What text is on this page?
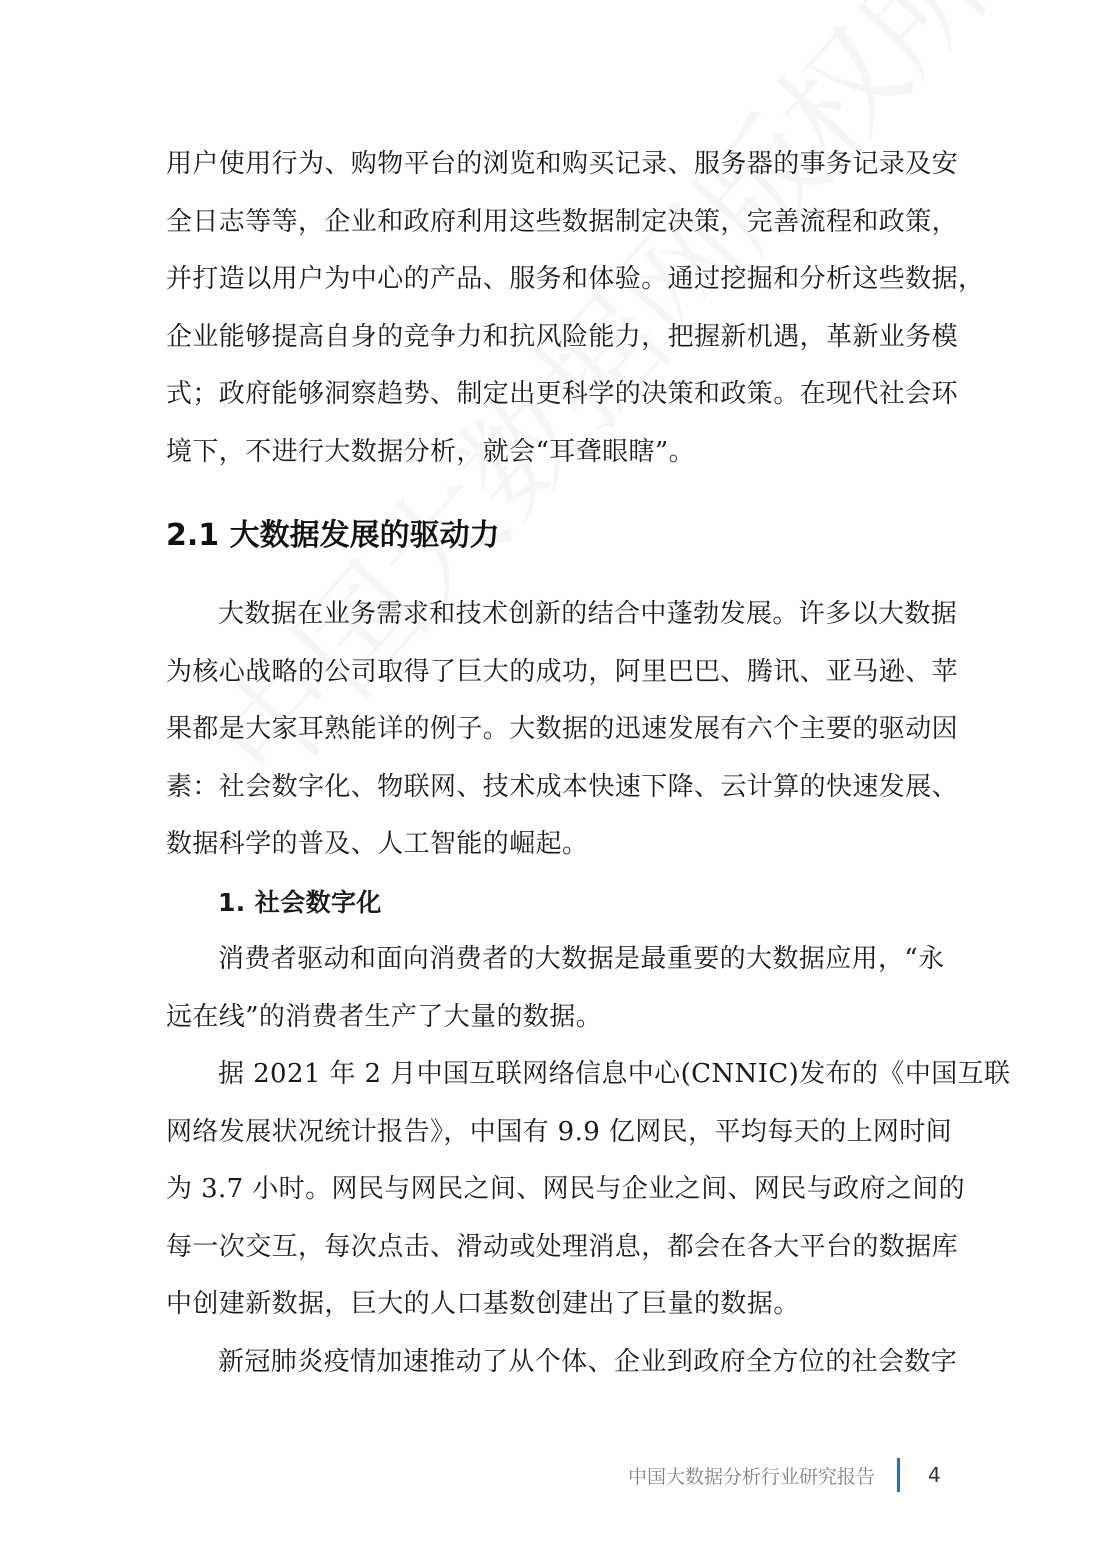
用户使用行为、购物平台的浏览和购买记录、服务器的事务记录及安
全日志等等，企业和政府利用这些数据制定决策，完善流程和政策，
并打造以用户为中心的产品、服务和体验。通过挖掘和分析这些数据，
企业能够提高自身的竞争力和抗风险能力，把握新机遇，革新业务模
式；政府能够洞察趋势、制定出更科学的决策和政策。在现代社会环
境下，不进行大数据分析，就会“耳聋眼瞎”。
2.1 大数据发展的驱动力
大数据在业务需求和技术创新的结合中蓬勃发展。许多以大数据
为核心战略的公司取得了巨大的成功，阿里巴巴、腾讯、亚马逊、苹
果都是大家耳熟能详的例子。大数据的迅速发展有六个主要的驱动因
素：社会数字化、物联网、技术成本快速下降、云计算的快速发展、
数据科学的普及、人工智能的崛起。
1. 社会数字化
消费者驱动和面向消费者的大数据是最重要的大数据应用，“永
远在线”的消费者生产了大量的数据。
据 2021 年 2 月中国互联网络信息中心(CNNIC)发布的《中国互联
网络发展状况统计报告》，中国有 9.9 亿网民，平均每天的上网时间
为 3.7 小时。网民与网民之间、网民与企业之间、网民与政府之间的
每一次交互，每次点击、滑动或处理消息，都会在各大平台的数据库
中创建新数据，巨大的人口基数创建出了巨量的数据。
新冠肺炎疫情加速推动了从个体、企业到政府全方位的社会数字
中国大数据分析行业研究报告	4
